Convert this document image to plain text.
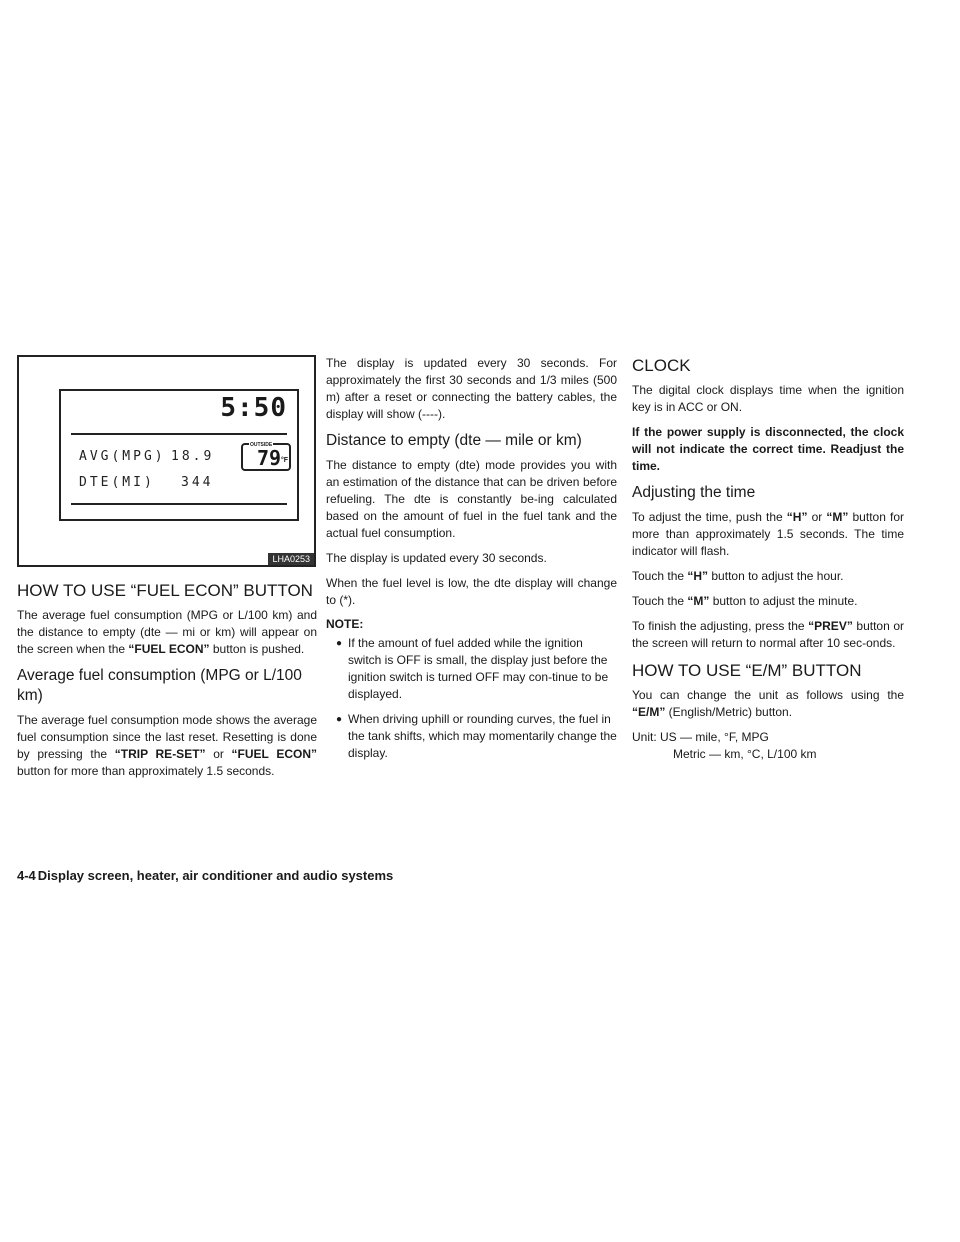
5:50
AVG(MPG) 18.9
DTE(MI) 344
OUTSIDE
79 °F
LHA0253
HOW TO USE “FUEL ECON” BUTTON

The average fuel consumption (MPG or L/100 km) and the distance to empty (dte — mi or km) will appear on the screen when the “FUEL ECON” button is pushed.

Average fuel consumption (MPG or L/100 km)

The average fuel consumption mode shows the average fuel consumption since the last reset. Resetting is done by pressing the “TRIP RE-SET” or “FUEL ECON” button for more than approximately 1.5 seconds.

The display is updated every 30 seconds. For approximately the first 30 seconds and 1/3 miles (500 m) after a reset or connecting the battery cables, the display will show (----).

Distance to empty (dte — mile or km)

The distance to empty (dte) mode provides you with an estimation of the distance that can be driven before refueling. The dte is constantly be-ing calculated based on the amount of fuel in the fuel tank and the actual fuel consumption.

The display is updated every 30 seconds.

When the fuel level is low, the dte display will change to (*).

NOTE:
● If the amount of fuel added while the ignition switch is OFF is small, the display just before the ignition switch is turned OFF may con-tinue to be displayed.
● When driving uphill or rounding curves, the fuel in the tank shifts, which may momentarily change the display.
CLOCK

The digital clock displays time when the ignition key is in ACC or ON.

If the power supply is disconnected, the clock will not indicate the correct time. Readjust the time.

Adjusting the time

To adjust the time, push the “H” or “M” button for more than approximately 1.5 seconds. The time indicator will flash.

Touch the “H” button to adjust the hour.

Touch the “M” button to adjust the minute.

To finish the adjusting, press the “PREV” button or the screen will return to normal after 10 sec-onds.

HOW TO USE “E/M” BUTTON

You can change the unit as follows using the “E/M” (English/Metric) button.

Unit: US — mile, °F, MPG

Metric — km, °C, L/100 km

4-4 Display screen, heater, air conditioner and audio systems
